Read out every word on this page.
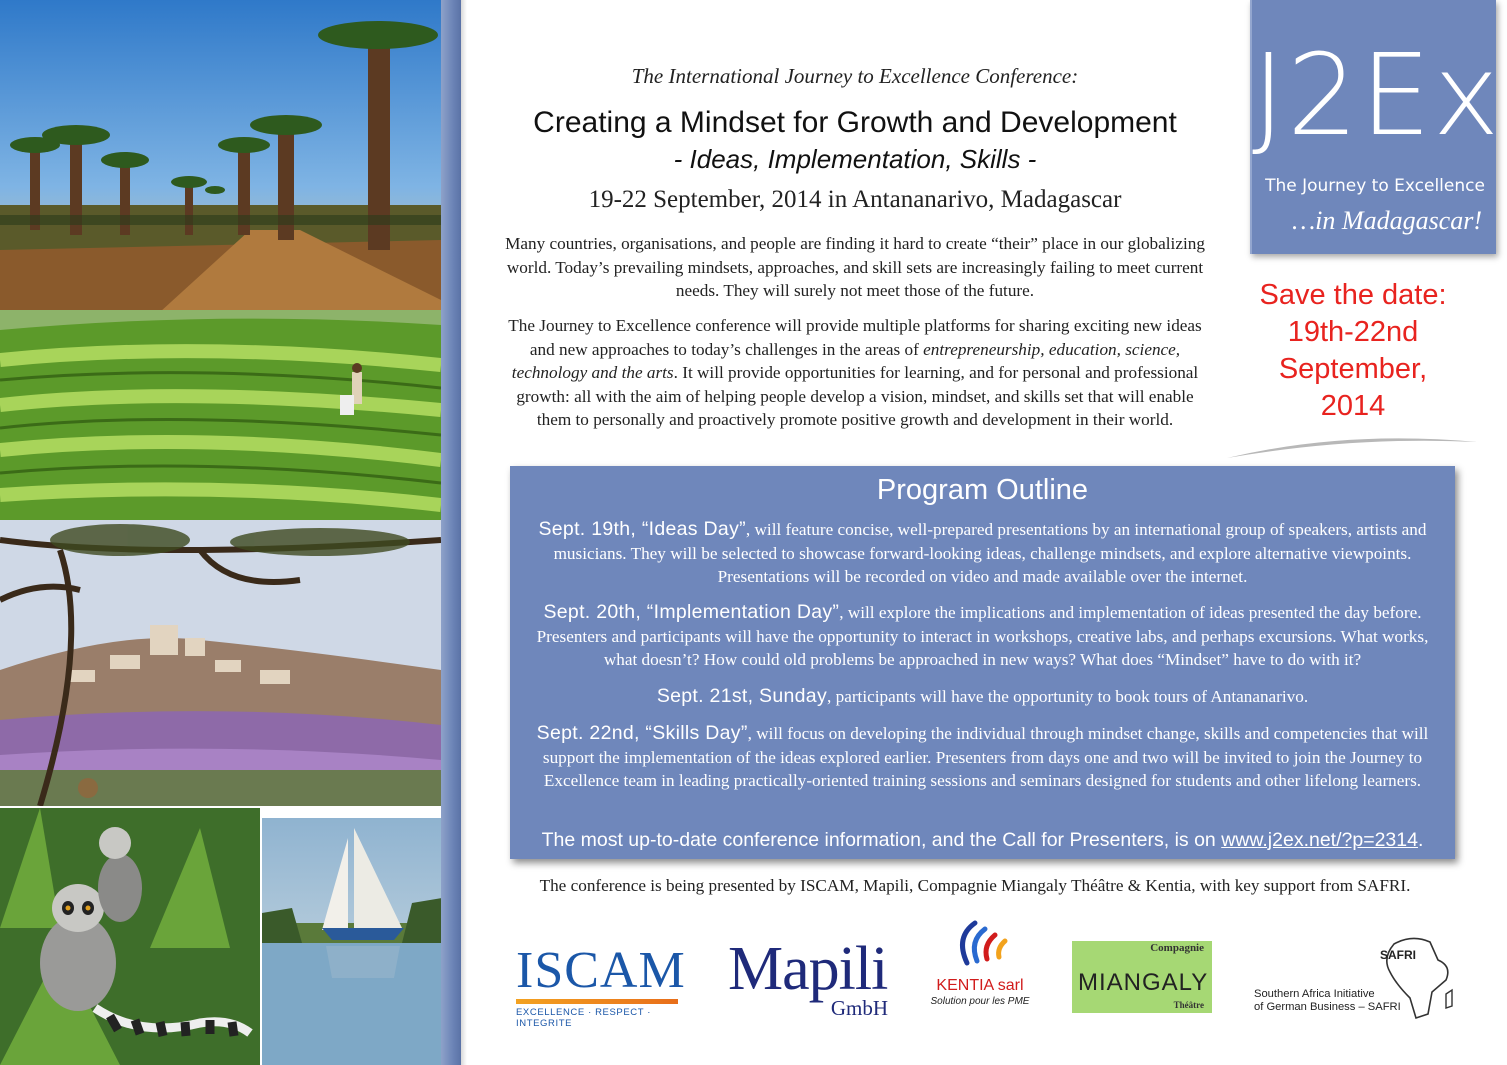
The International Journey to Excellence Conference:
Creating a Mindset for Growth and Development
- Ideas, Implementation, Skills -
19-22 September, 2014 in Antananarivo, Madagascar

Many countries, organisations, and people are finding it hard to create “their” place in our globalizing world. Today’s prevailing mindsets, approaches, and skill sets are increasingly failing to meet current needs. They will surely not meet those of the future.

The Journey to Excellence conference will provide multiple platforms for sharing exciting new ideas and new approaches to today’s challenges in the areas of entrepreneurship, education, science, technology and the arts. It will provide opportunities for learning, and for personal and professional growth: all with the aim of helping people develop a vision, mindset, and skills set that will enable them to personally and proactively promote positive growth and development in their world.

J2Ex
The Journey to Excellence
…in Madagascar!
Save the date:
19th-22nd
September,
2014
Program Outline

Sept. 19th, “Ideas Day”, will feature concise, well-prepared presentations by an international group of speakers, artists and musicians. They will be selected to showcase forward-looking ideas, challenge mindsets, and explore alternative viewpoints. Presentations will be recorded on video and made available over the internet.

Sept. 20th, “Implementation Day”, will explore the implications and implementation of ideas presented the day before. Presenters and participants will have the opportunity to interact in workshops, creative labs, and perhaps excursions. What works, what doesn’t? How could old problems be approached in new ways? What does “Mindset” have to do with it?

Sept. 21st, Sunday, participants will have the opportunity to book tours of Antananarivo.

Sept. 22nd, “Skills Day”, will focus on developing the individual through mindset change, skills and competencies that will support the implementation of the ideas explored earlier. Presenters from days one and two will be invited to join the Journey to Excellence team in leading practically-oriented training sessions and seminars designed for students and other lifelong learners.

The most up-to-date conference information, and the Call for Presenters, is on www.j2ex.net/?p=2314.
The conference is being presented by ISCAM, Mapili, Compagnie Miangaly Théâtre & Kentia, with key support from SAFRI.
ISCAM
EXCELLENCE · RESPECT · INTEGRITE
Mapili
GmbH
KENTIA sarl
Solution pour les PME
Compagnie
MIANGALY
Théâtre
SAFRI
Southern Africa Initiative
of German Business – SAFRI
